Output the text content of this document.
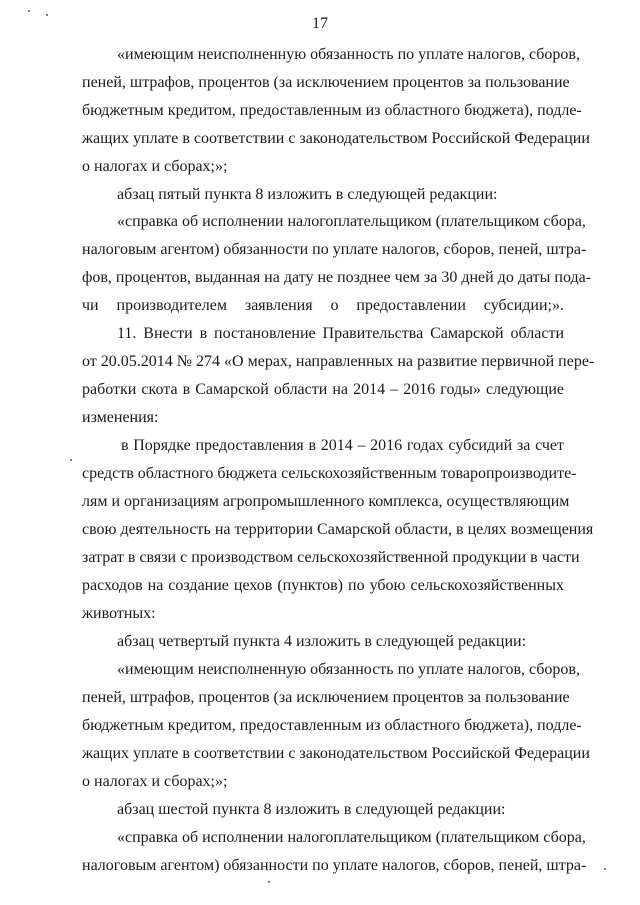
17
«имеющим неисполненную обязанность по уплате налогов, сборов,
пеней, штрафов, процентов (за исключением процентов за пользование
бюджетным кредитом, предоставленным из областного бюджета), подле-
жащих уплате в соответствии с законодательством Российской Федерации
о налогах и сборах;»;
абзац пятый пункта 8 изложить в следующей редакции:
«справка об исполнении налогоплательщиком (плательщиком сбора,
налоговым агентом) обязанности по уплате налогов, сборов, пеней, штра-
фов, процентов, выданная на дату не позднее чем за 30 дней до даты пода-
чи производителем заявления о предоставлении субсидии;».
11. Внести в постановление Правительства Самарской области
от 20.05.2014 № 274 «О мерах, направленных на развитие первичной пере-
работки скота в Самарской области на 2014 – 2016 годы» следующие
изменения:
в Порядке предоставления в 2014 – 2016 годах субсидий за счет
средств областного бюджета сельскохозяйственным товаропроизводите-
лям и организациям агропромышленного комплекса, осуществляющим
свою деятельность на территории Самарской области, в целях возмещения
затрат в связи с производством сельскохозяйственной продукции в части
расходов на создание цехов (пунктов) по убою сельскохозяйственных
животных:
абзац четвертый пункта 4 изложить в следующей редакции:
«имеющим неисполненную обязанность по уплате налогов, сборов,
пеней, штрафов, процентов (за исключением процентов за пользование
бюджетным кредитом, предоставленным из областного бюджета), подле-
жащих уплате в соответствии с законодательством Российской Федерации
о налогах и сборах;»;
абзац шестой пункта 8 изложить в следующей редакции:
«справка об исполнении налогоплательщиком (плательщиком сбора,
налоговым агентом) обязанности по уплате налогов, сборов, пеней, штра-
